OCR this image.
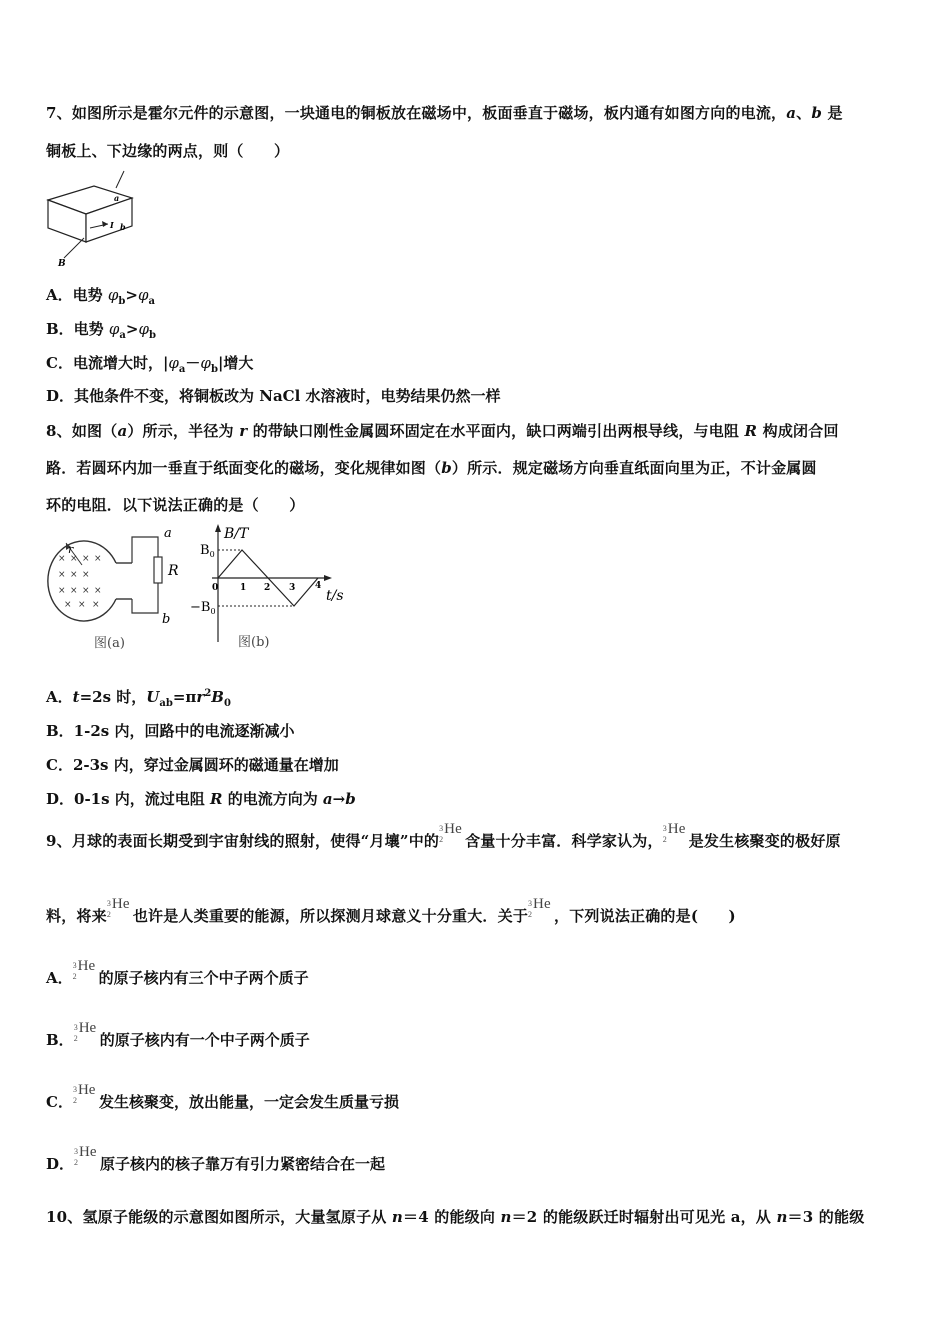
7、如图所示是霍尔元件的示意图，一块通电的铜板放在磁场中，板面垂直于磁场，板内通有如图方向的电流，a、b 是
铜板上、下边缘的两点，则（　　）
a
I b
B
A．电势 $\varphi_b>\varphi_a$
B．电势 $\varphi_a>\varphi_b$
C．电流增大时，$|\varphi_a-\varphi_b|$增大
D．其他条件不变，将铜板改为 NaCl 水溶液时，电势结果仍然一样
8、如图（a）所示，半径为 r 的带缺口刚性金属圆环固定在水平面内，缺口两端引出两根导线，与电阻 R 构成闭合回
路．若圆环内加一垂直于纸面变化的磁场，变化规律如图（b）所示．规定磁场方向垂直纸面向里为正，不计金属圆
环的电阻．以下说法正确的是（　　）
× × × ×
× × ×
× × × ×
× × ×
r
a
R
b
图(a)
B/T
$B_0$
$-B_0$
0 1 2 3 4
t/s
图(b)
A．t=2s 时，$U_{ab}=\pi r^2B_0$
B．1-2s 内，回路中的电流逐渐减小
C．2-3s 内，穿过金属圆环的磁通量在增加
D．0-1s 内，流过电阻 R 的电流方向为 a→b
9、月球的表面长期受到宇宙射线的照射，使得“月壤”中的
3
2
He
含量十分丰富．科学家认为，
3
2
He
是发生核聚变的极好原
料，将来
3
2
He
也许是人类重要的能源，所以探测月球意义十分重大．关于
3
2
He
，下列说法正确的是(　　)
A．
3
2
He
的原子核内有三个中子两个质子
B．
3
2
He
的原子核内有一个中子两个质子
C．
3
2
He
发生核聚变，放出能量，一定会发生质量亏损
D．
3
2
He
原子核内的核子靠万有引力紧密结合在一起
10、氢原子能级的示意图如图所示，大量氢原子从 n＝4 的能级向 n＝2 的能级跃迁时辐射出可见光 a，从 n＝3 的能级
